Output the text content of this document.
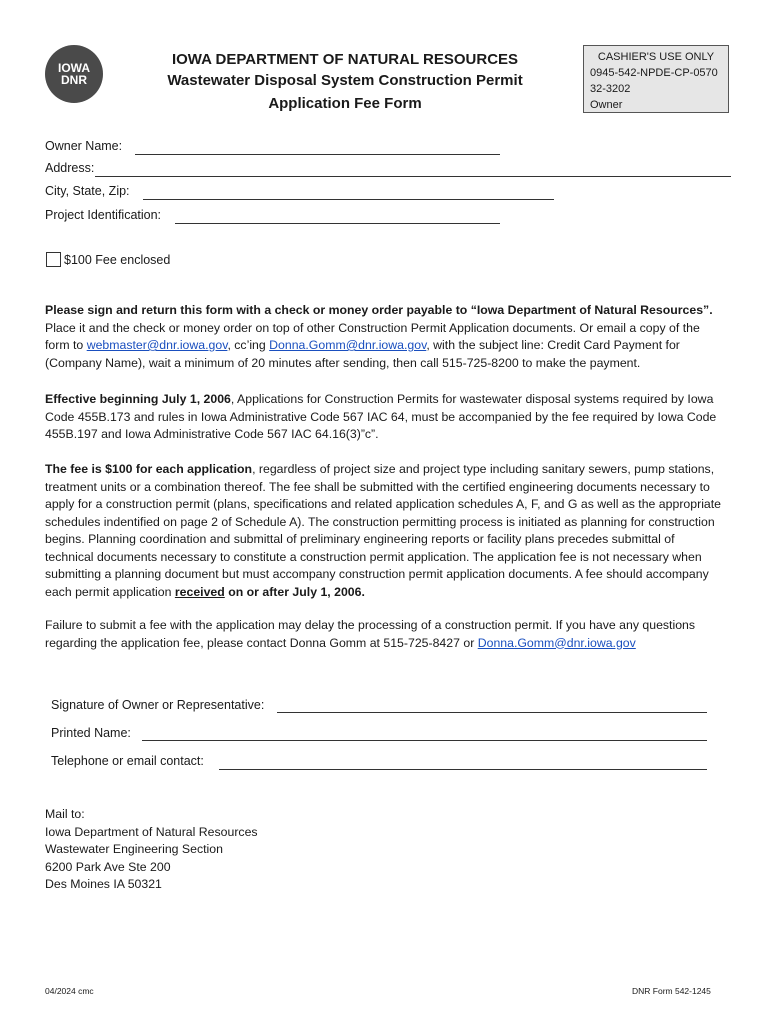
IOWA
DNR
IOWA DEPARTMENT OF NATURAL RESOURCES
Wastewater Disposal System Construction Permit
Application Fee Form
CASHIER'S USE ONLY
0945-542-NPDE-CP-0570
32-3202
Owner
Owner Name:
Address:
City, State, Zip:
Project Identification:
$100 Fee enclosed
Please sign and return this form with a check or money order payable to “Iowa Department of Natural Resources”. Place it and the check or money order on top of other Construction Permit Application documents. Or email a copy of the form to webmaster@dnr.iowa.gov, cc’ing Donna.Gomm@dnr.iowa.gov, with the subject line: Credit Card Payment for (Company Name), wait a minimum of 20 minutes after sending, then call 515-725-8200 to make the payment.
Effective beginning July 1, 2006, Applications for Construction Permits for wastewater disposal systems required by Iowa Code 455B.173 and rules in Iowa Administrative Code 567 IAC 64, must be accompanied by the fee required by Iowa Code 455B.197 and Iowa Administrative Code 567 IAC 64.16(3)”c”.
The fee is $100 for each application, regardless of project size and project type including sanitary sewers, pump stations, treatment units or a combination thereof. The fee shall be submitted with the certified engineering documents necessary to apply for a construction permit (plans, specifications and related application schedules A, F, and G as well as the appropriate schedules indentified on page 2 of Schedule A). The construction permitting process is initiated as planning for construction begins. Planning coordination and submittal of preliminary engineering reports or facility plans precedes submittal of technical documents necessary to constitute a construction permit application. The application fee is not necessary when submitting a planning document but must accompany construction permit application documents. A fee should accompany each permit application received on or after July 1, 2006.
Failure to submit a fee with the application may delay the processing of a construction permit. If you have any questions regarding the application fee, please contact Donna Gomm at 515-725-8427 or Donna.Gomm@dnr.iowa.gov
Signature of Owner or Representative:
Printed Name:
Telephone or email contact:
Mail to:
Iowa Department of Natural Resources
Wastewater Engineering Section
6200 Park Ave Ste 200
Des Moines IA 50321
04/2024 cmc	DNR Form 542-1245
